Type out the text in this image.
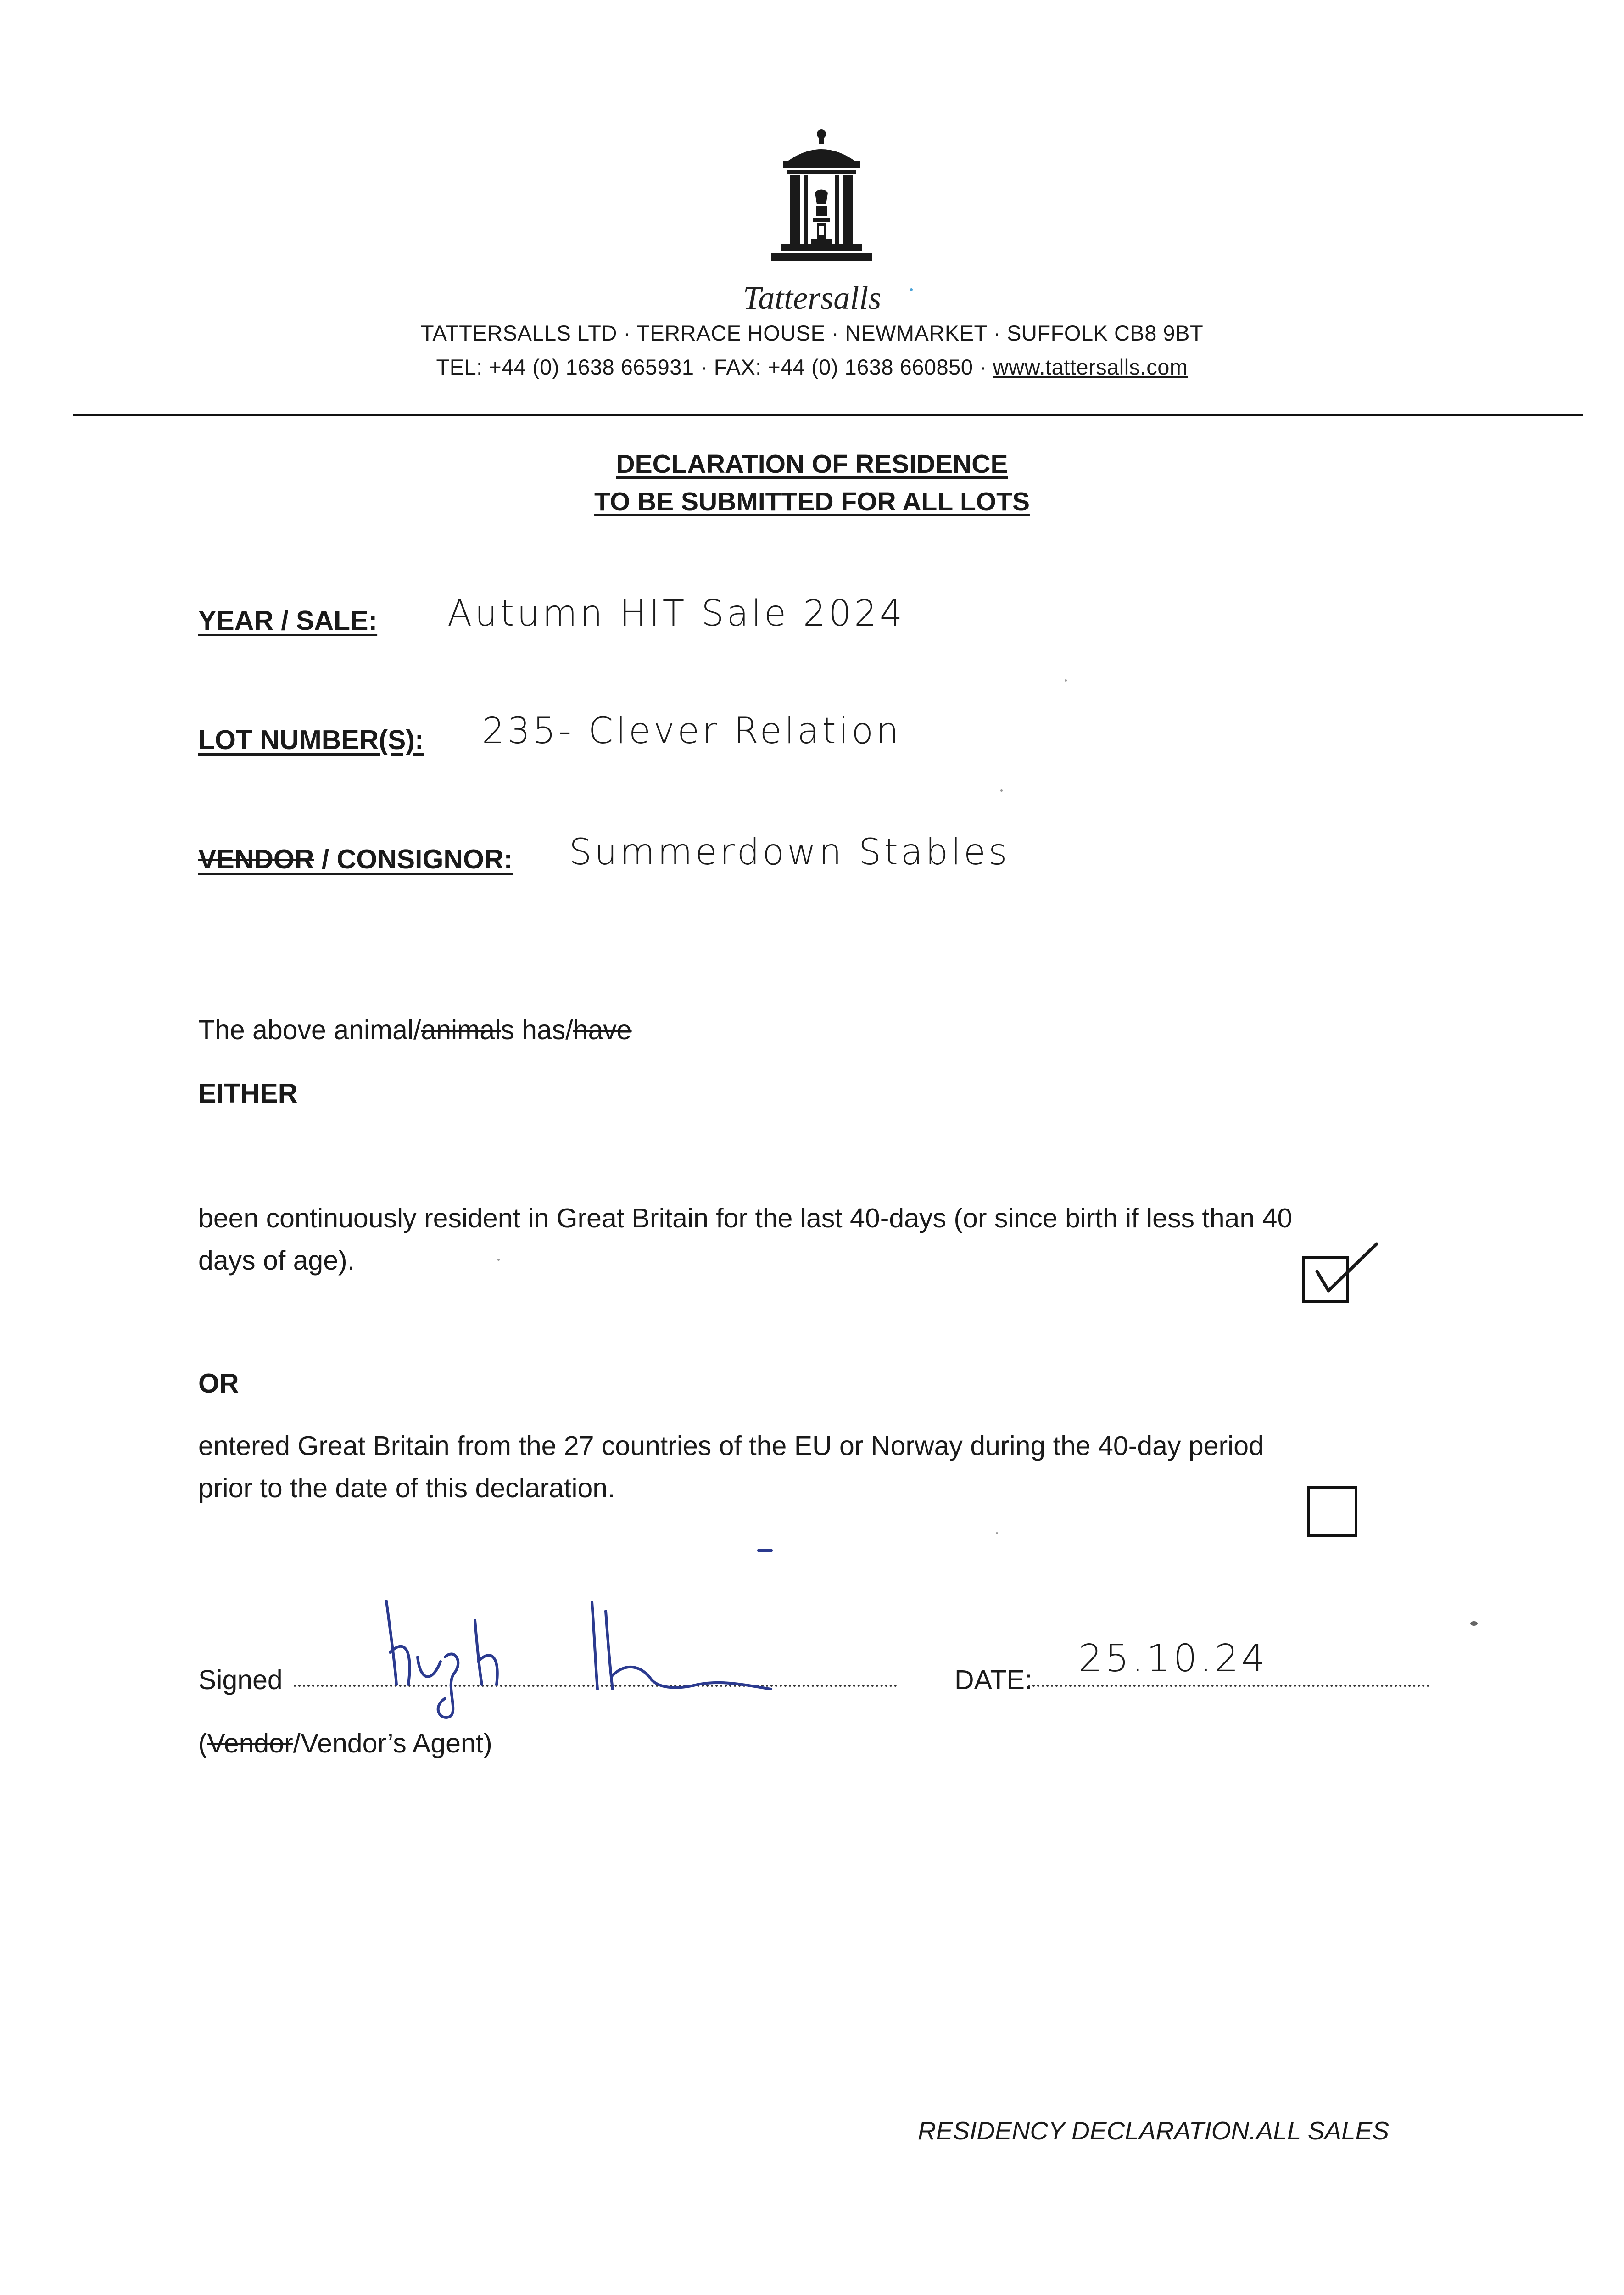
Tattersalls
TATTERSALLS LTD · TERRACE HOUSE · NEWMARKET · SUFFOLK CB8 9BT
TEL: +44 (0) 1638 665931 · FAX: +44 (0) 1638 660850 · www.tattersalls.com
DECLARATION OF RESIDENCE
TO BE SUBMITTED FOR ALL LOTS
YEAR / SALE: Autumn HIT Sale 2024
LOT NUMBER(S): 235- Clever Relation
VENDOR / CONSIGNOR: Summerdown Stables
The above animal/animals has/have
EITHER
been continuously resident in Great Britain for the last 40-days (or since birth if less than 40
days of age).
OR
entered Great Britain from the 27 countries of the EU or Norway during the 40-day period
prior to the date of this declaration.
Signed	DATE: 25.10.24
(Vendor/Vendor’s Agent)
RESIDENCY DECLARATION.ALL SALES
